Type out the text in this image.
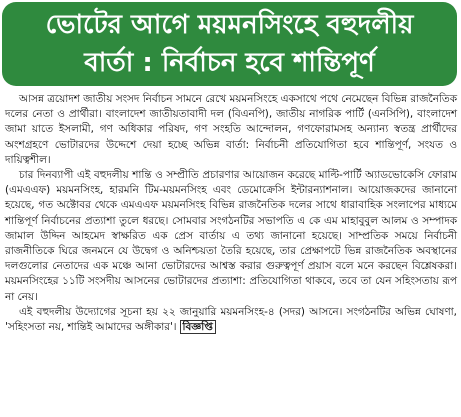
ভোটের আগে ময়মনসিংহে বহুদলীয়
বার্তা : নির্বাচন হবে শান্তিপূর্ণ

আসন্ন ত্রয়োদশ জাতীয় সংসদ নির্বাচন সামনে রেখে ময়মনসিংহে একসাথে পথে নেমেছেন বিভিন্ন রাজনৈতিক দলের নেতা ও প্রার্থীরা। বাংলাদেশ জাতীয়তাবাদী দল (বিএনপি), জাতীয় নাগরিক পার্টি (এনসিপি), বাংলাদেশ জামা য়াতে ইসলামী, গণ অধিকার পরিষদ, গণ সংহতি আন্দোলন, গণফোরামসহ অন্যান্য স্বতন্ত্র প্রার্থীদের অংশগ্রহণে ভোটারদের উদ্দেশে দেয়া হচ্ছে অভিন্ন বার্তা: নির্বাচনী প্রতিযোগিতা হবে শান্তিপূর্ণ, সংযত ও দায়িত্বশীল।

চার দিনব্যাপী এই বহুদলীয় শান্তি ও সম্প্রীতি প্রচারণার আয়োজন করেছে মাল্টি-পার্টি অ্যাডভোকেসি ফোরাম (এমএএফ) ময়মনসিংহ, হারমনি টিম-ময়মনসিংহ এবং ডেমোক্রেসি ইন্টারন্যাশনাল। আয়োজকদের জানানো হয়েছে, গত অক্টোবর থেকে এমএএফ ময়মনসিংহ বিভিন্ন রাজনৈতিক দলের সাথে ধারাবাহিক সংলাপের মাধ্যমে শান্তিপূর্ণ নির্বাচনের প্রত্যাশা তুলে ধরছে। সোমবার সংগঠনটির সভাপতি এ কে এম মাহাবুবুল আলম ও সম্পাদক জামাল উদ্দিন আহমেদ স্বাক্ষরিত এক প্রেস বার্তায় এ তথ্য জানানো হয়েছে। সাম্প্রতিক সময়ে নির্বাচনী রাজনীতিকে ঘিরে জনমনে যে উদ্বেগ ও অনিশ্চয়তা তৈরি হয়েছে, তার প্রেক্ষাপটে ভিন্ন রাজনৈতিক অবস্থানের দলগুলোর নেতাদের এক মঞ্চে আনা ভোটারদের আশ্বস্ত করার গুরুত্বপূর্ণ প্রয়াস বলে মনে করছেন বিশ্লেষকরা। ময়মনসিংহের ১১টি সংসদীয় আসনের ভোটারদের প্রত্যাশা: প্রতিযোগিতা থাকবে, তবে তা যেন সহিংসতায় রূপ না নেয়।

এই বহুদলীয় উদ্যোগের সূচনা হয় ২২ জানুয়ারি ময়মনসিংহ-৪ (সদর) আসনে। সংগঠনটির অভিন্ন ঘোষণা, 'সহিংসতা নয়, শান্তিই আমাদের অঙ্গীকার'। বিজ্ঞপ্তি
